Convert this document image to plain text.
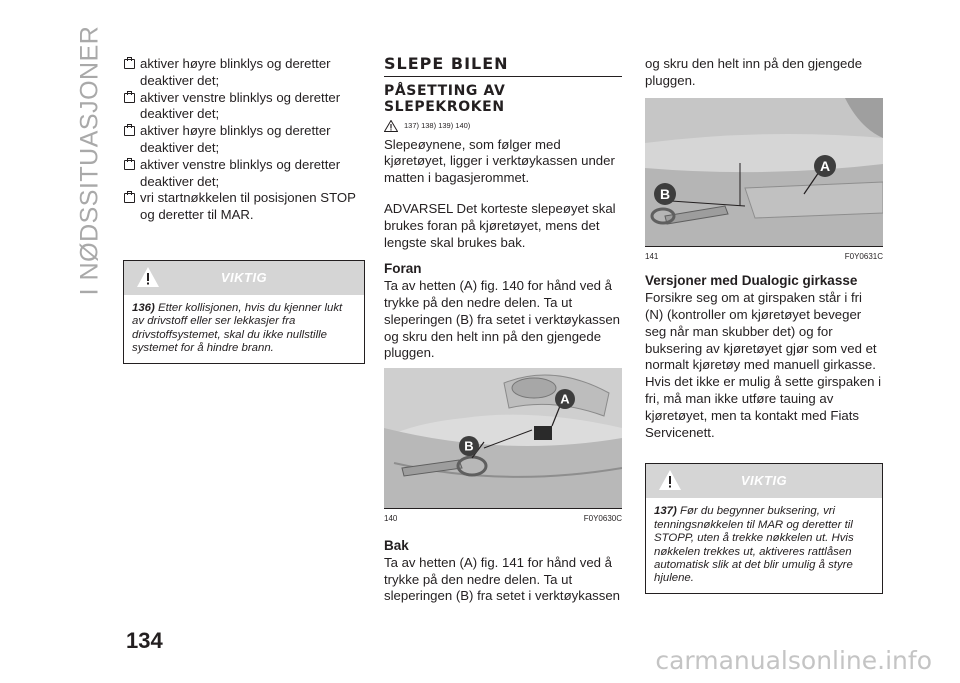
I NØDSSITUASJONER	aktiver høyre blinklys og deretter deaktiver det;
aktiver venstre blinklys og deretter deaktiver det;
aktiver høyre blinklys og deretter deaktiver det;
aktiver venstre blinklys og deretter deaktiver det;
vri startnøkkelen til posisjonen STOP og deretter til MAR.
VIKTIG
136) Etter kollisjonen, hvis du kjenner lukt av drivstoff eller ser lekkasjer fra drivstoffsystemet, skal du ikke nullstille systemet for å hindre brann.
SLEPE BILEN
PÅSETTING AV SLEPEKROKEN
137) 138) 139) 140)
Slepeøynene, som følger med kjøretøyet, ligger i verktøykassen under matten i bagasjerommet.
ADVARSEL Det korteste slepeøyet skal brukes foran på kjøretøyet, mens det lengste skal brukes bak.
Foran
Ta av hetten (A) fig. 140 for hånd ved å trykke på den nedre delen. Ta ut sleperingen (B) fra setet i verktøykassen og skru den helt inn på den gjengede pluggen.
A
B
140	F0Y0630C
Bak
Ta av hetten (A) fig. 141 for hånd ved å trykke på den nedre delen. Ta ut sleperingen (B) fra setet i verktøykassen
og skru den helt inn på den gjengede pluggen.
A
B
141	F0Y0631C
Versjoner med Dualogic girkasse
Forsikre seg om at girspaken står i fri (N) (kontroller om kjøretøyet beveger seg når man skubber det) og for buksering av kjøretøyet gjør som ved et normalt kjøretøy med manuell girkasse. Hvis det ikke er mulig å sette girspaken i fri, må man ikke utføre tauing av kjøretøyet, men ta kontakt med Fiats Servicenett.
VIKTIG
137) Før du begynner buksering, vri tenningsnøkkelen til MAR og deretter til STOPP, uten å trekke nøkkelen ut. Hvis nøkkelen trekkes ut, aktiveres rattlåsen automatisk slik at det blir umulig å styre hjulene.
134
carmanualsonline.info
